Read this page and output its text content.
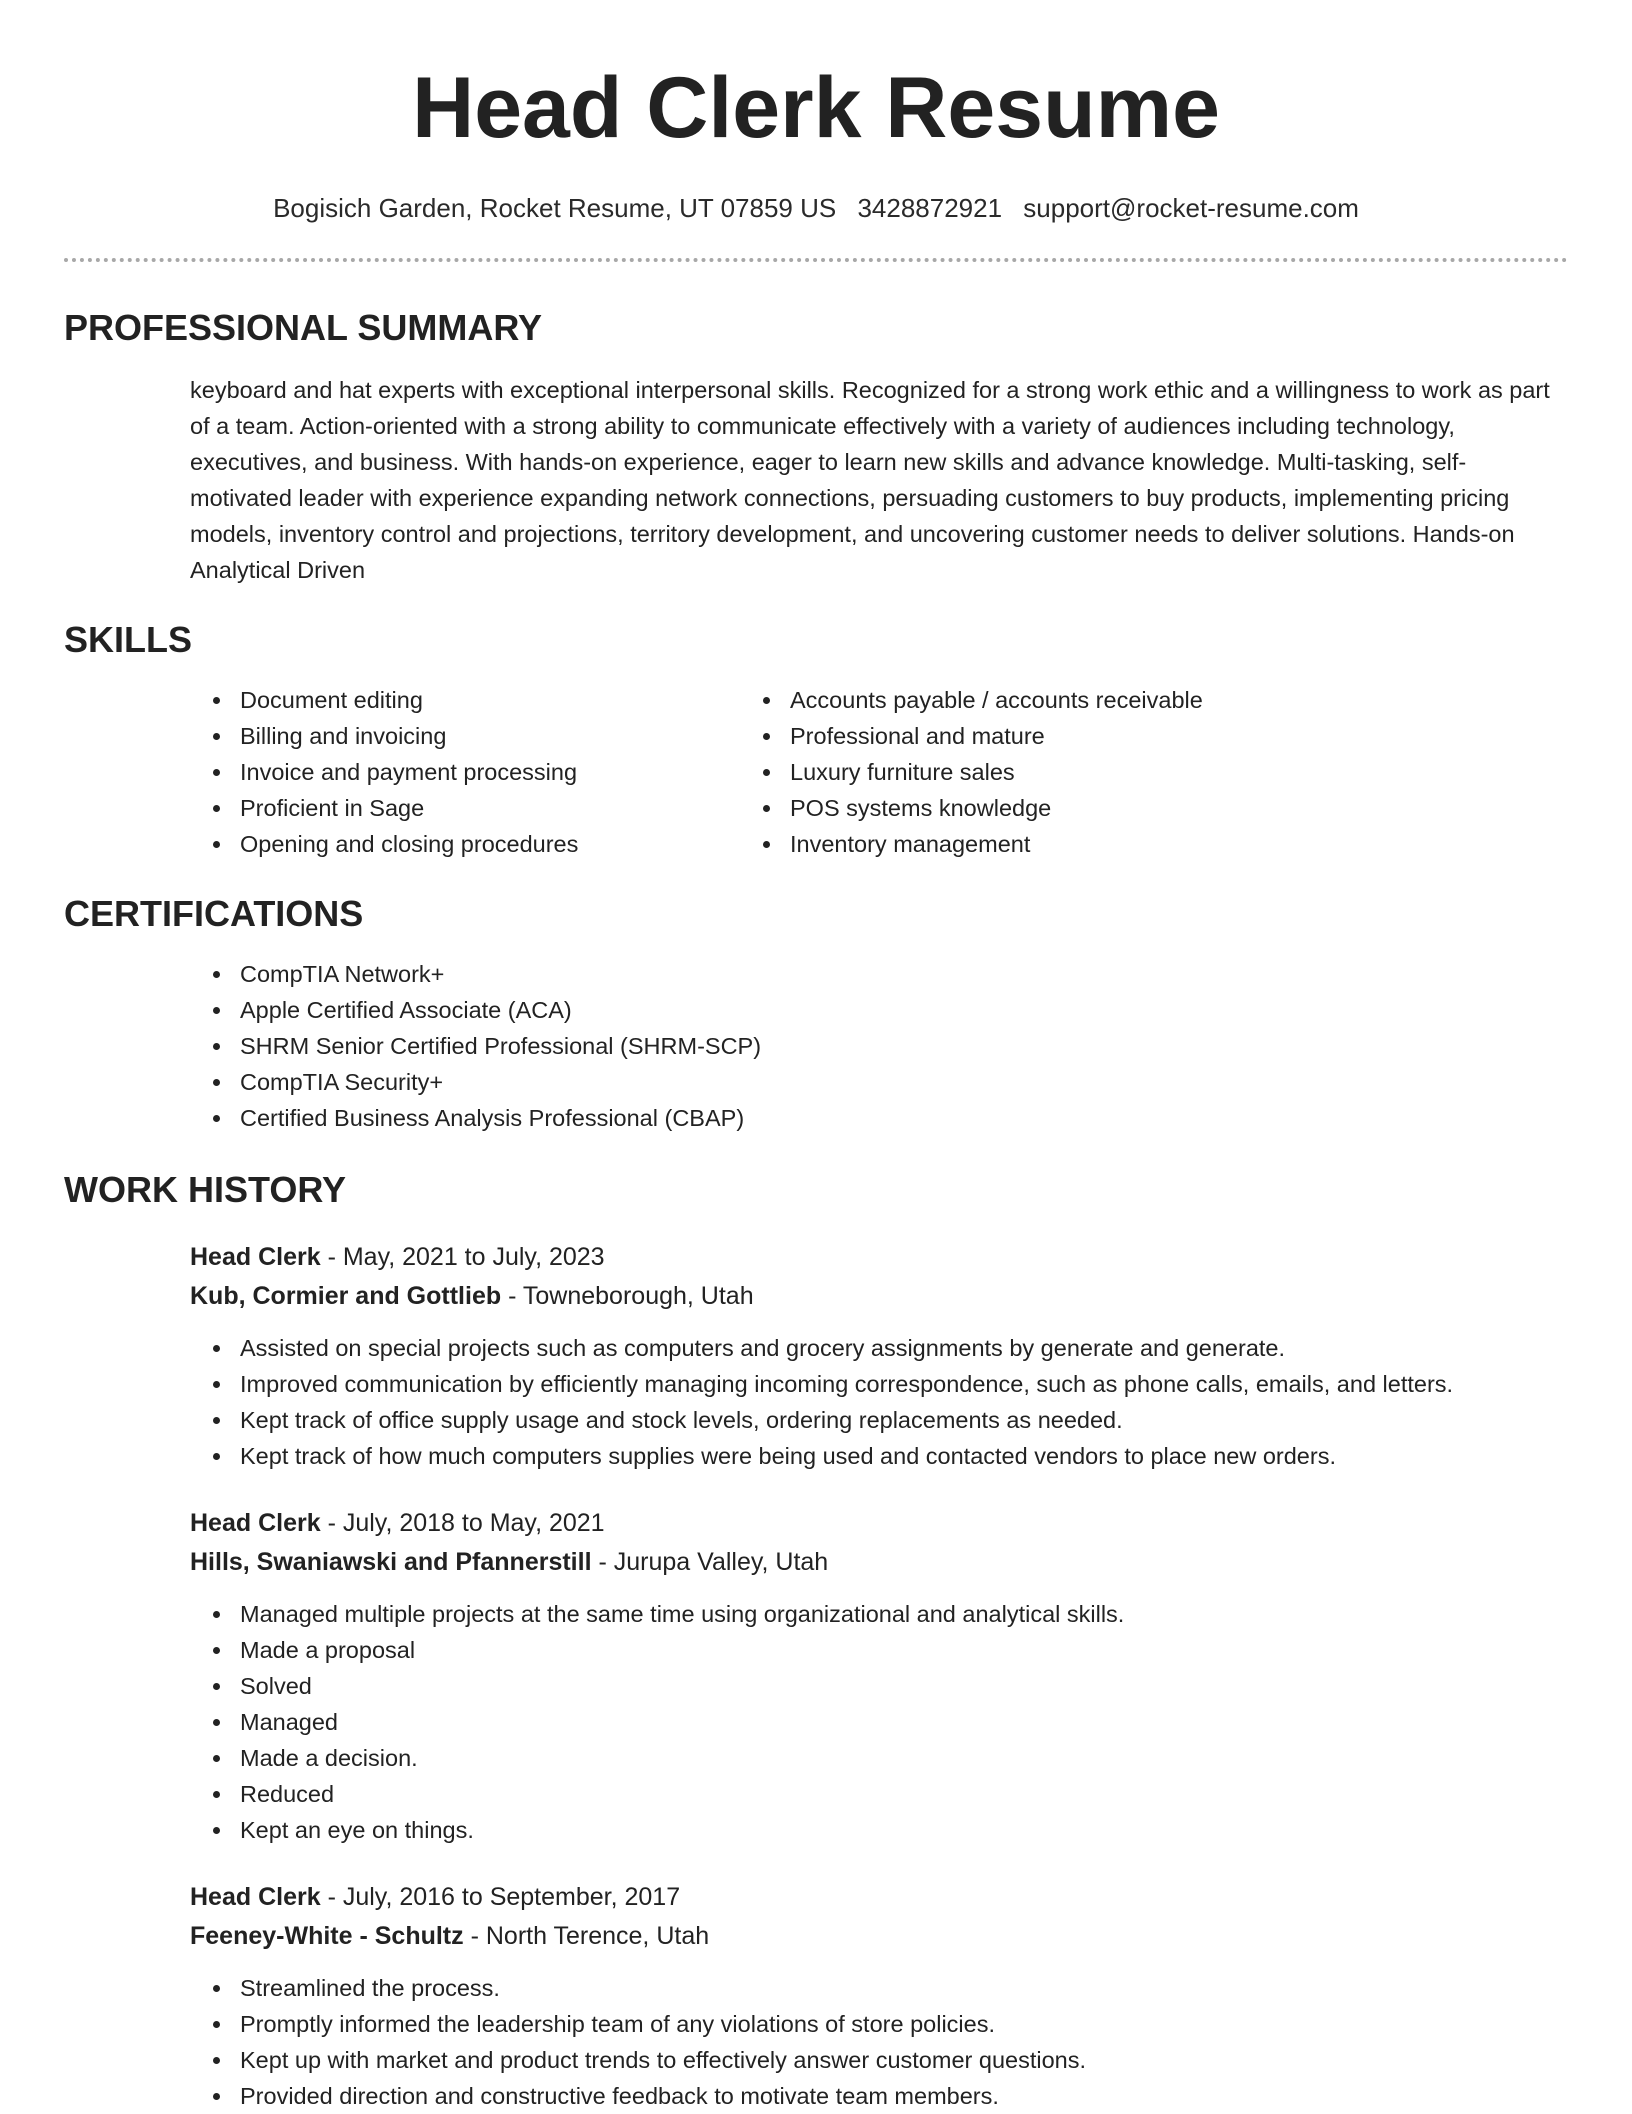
Head Clerk Resume
Bogisich Garden, Rocket Resume, UT 07859 US 3428872921 support@rocket-resume.com
PROFESSIONAL SUMMARY

keyboard and hat experts with exceptional interpersonal skills. Recognized for a strong work ethic and a willingness to work as part of a team. Action-oriented with a strong ability to communicate effectively with a variety of audiences including technology, executives, and business. With hands-on experience, eager to learn new skills and advance knowledge. Multi-tasking, self-motivated leader with experience expanding network connections, persuading customers to buy products, implementing pricing models, inventory control and projections, territory development, and uncovering customer needs to deliver solutions. Hands-on Analytical Driven

SKILLS
• Document editing
• Billing and invoicing
• Invoice and payment processing
• Proficient in Sage
• Opening and closing procedures
• Accounts payable / accounts receivable
• Professional and mature
• Luxury furniture sales
• POS systems knowledge
• Inventory management
CERTIFICATIONS
• CompTIA Network+
• Apple Certified Associate (ACA)
• SHRM Senior Certified Professional (SHRM-SCP)
• CompTIA Security+
• Certified Business Analysis Professional (CBAP)
WORK HISTORY
Head Clerk - May, 2021 to July, 2023
Kub, Cormier and Gottlieb - Towneborough, Utah
• Assisted on special projects such as computers and grocery assignments by generate and generate.
• Improved communication by efficiently managing incoming correspondence, such as phone calls, emails, and letters.
• Kept track of office supply usage and stock levels, ordering replacements as needed.
• Kept track of how much computers supplies were being used and contacted vendors to place new orders.
Head Clerk - July, 2018 to May, 2021
Hills, Swaniawski and Pfannerstill - Jurupa Valley, Utah
• Managed multiple projects at the same time using organizational and analytical skills.
• Made a proposal
• Solved
• Managed
• Made a decision.
• Reduced
• Kept an eye on things.
Head Clerk - July, 2016 to September, 2017
Feeney-White - Schultz - North Terence, Utah
• Streamlined the process.
• Promptly informed the leadership team of any violations of store policies.
• Kept up with market and product trends to effectively answer customer questions.
• Provided direction and constructive feedback to motivate team members.
